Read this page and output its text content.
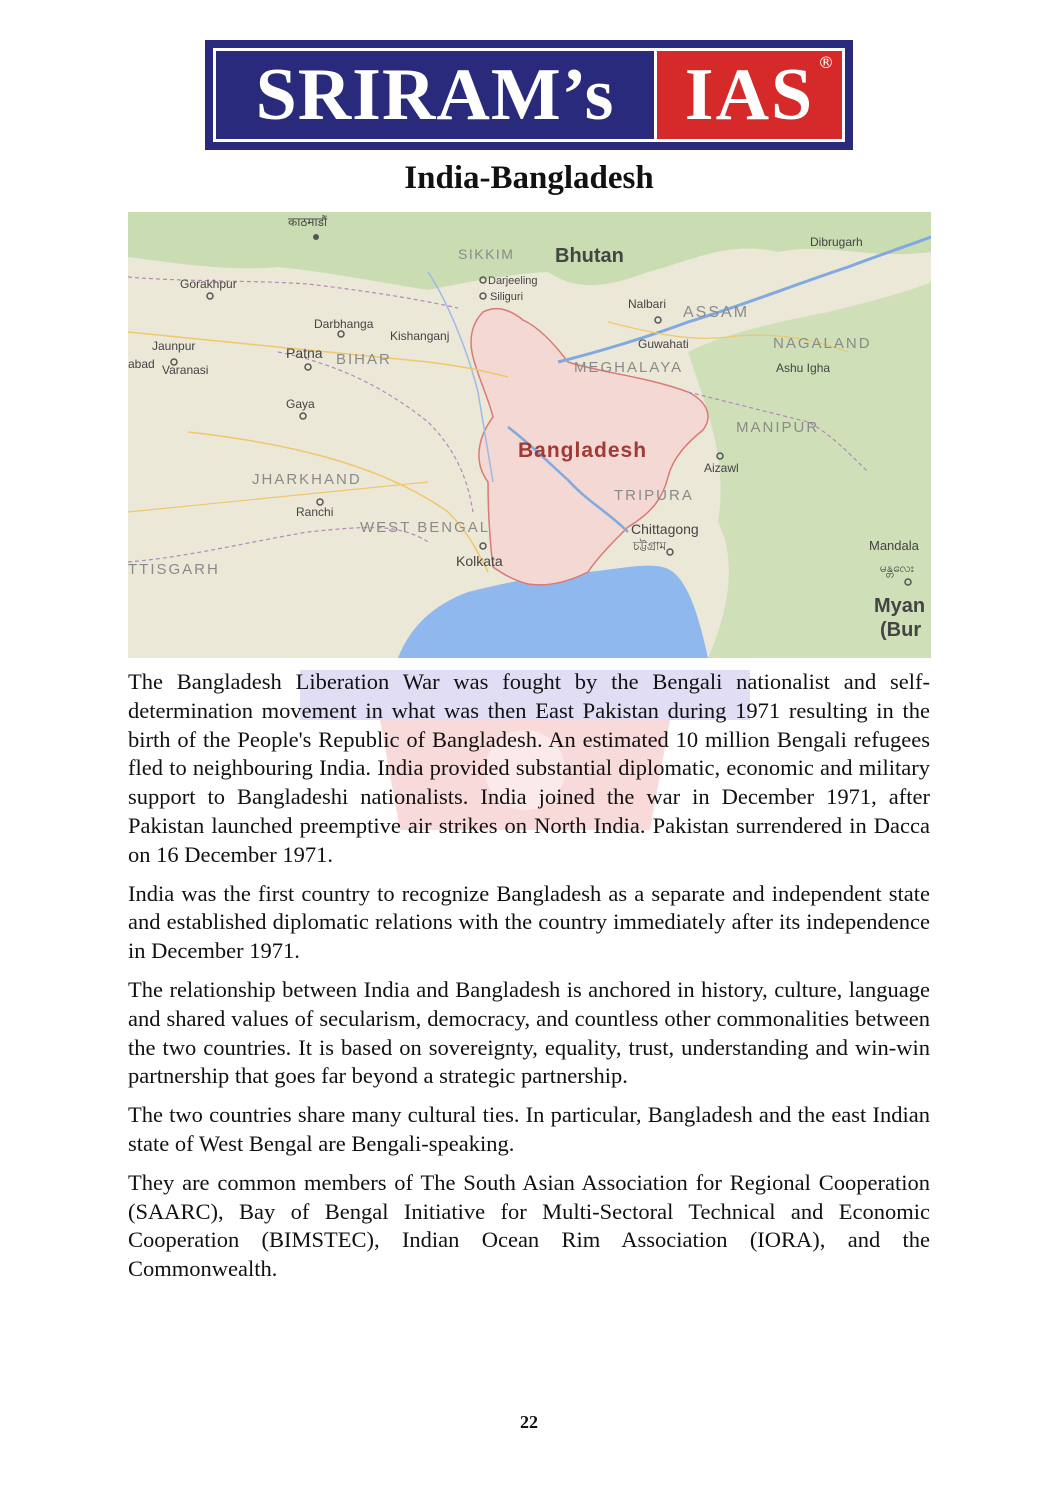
SRIRAM’s IAS ®
India-Bangladesh
काठमाडौं
SIKKIM Bhutan
Dibrugarh
Gorakhpur	Darjeeling
Siliguri	Nalbari ASSAM
Darbhanga
Kishanganj
Jaunpur	Patna BIHAR
Guwahati	NAGALAND
abad Varanasi	MEGHALAYA	Ashu Igha
Gaya
MANIPUR
Bangladesh
JHARKHAND
Aizawl
TRIPURA
Ranchi
WEST BENGAL	Chittagong
চট্টগ্রাম	Mandala
မန္တလေး
Kolkata
TTISGARH
Myan
(Bur

The Bangladesh Liberation War was fought by the Bengali nationalist and self-determination movement in what was then East Pakistan during 1971 resulting in the birth of the People's Republic of Bangladesh. An estimated 10 million Bengali refugees fled to neighbouring India. India provided substantial diplomatic, economic and military support to Bangladeshi nationalists. India joined the war in December 1971, after Pakistan launched preemptive air strikes on North India. Pakistan surrendered in Dacca on 16 December 1971.

India was the first country to recognize Bangladesh as a separate and independent state and established diplomatic relations with the country immediately after its independence in December 1971.

The relationship between India and Bangladesh is anchored in history, culture, language and shared values of secularism, democracy, and countless other commonalities between the two countries. It is based on sovereignty, equality, trust, understanding and win-win partnership that goes far beyond a strategic partnership.

The two countries share many cultural ties. In particular, Bangladesh and the east Indian state of West Bengal are Bengali-speaking.

They are common members of The South Asian Association for Regional Cooperation (SAARC), Bay of Bengal Initiative for Multi-Sectoral Technical and Economic Cooperation (BIMSTEC), Indian Ocean Rim Association (IORA), and the Commonwealth.

22
